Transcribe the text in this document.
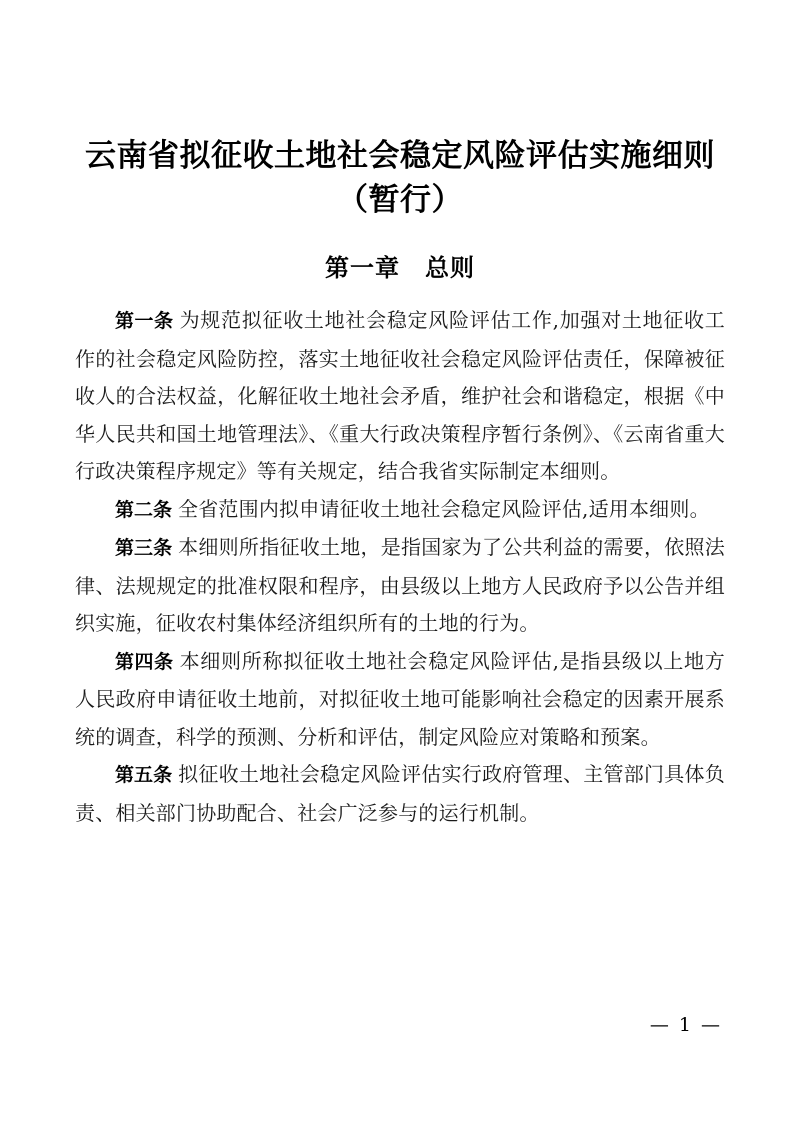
云南省拟征收土地社会稳定风险评估实施细则
（暂行）
第一章　总则

第一条 为规范拟征收土地社会稳定风险评估工作,加强对土地征收工作的社会稳定风险防控，落实土地征收社会稳定风险评估责任，保障被征收人的合法权益，化解征收土地社会矛盾，维护社会和谐稳定，根据《中华人民共和国土地管理法》、《重大行政决策程序暂行条例》、《云南省重大行政决策程序规定》等有关规定，结合我省实际制定本细则。

第二条 全省范围内拟申请征收土地社会稳定风险评估,适用本细则。

第三条 本细则所指征收土地，是指国家为了公共利益的需要，依照法律、法规规定的批准权限和程序，由县级以上地方人民政府予以公告并组织实施，征收农村集体经济组织所有的土地的行为。

第四条 本细则所称拟征收土地社会稳定风险评估,是指县级以上地方人民政府申请征收土地前，对拟征收土地可能影响社会稳定的因素开展系统的调查，科学的预测、分析和评估，制定风险应对策略和预案。

第五条 拟征收土地社会稳定风险评估实行政府管理、主管部门具体负责、相关部门协助配合、社会广泛参与的运行机制。

— 1 —
